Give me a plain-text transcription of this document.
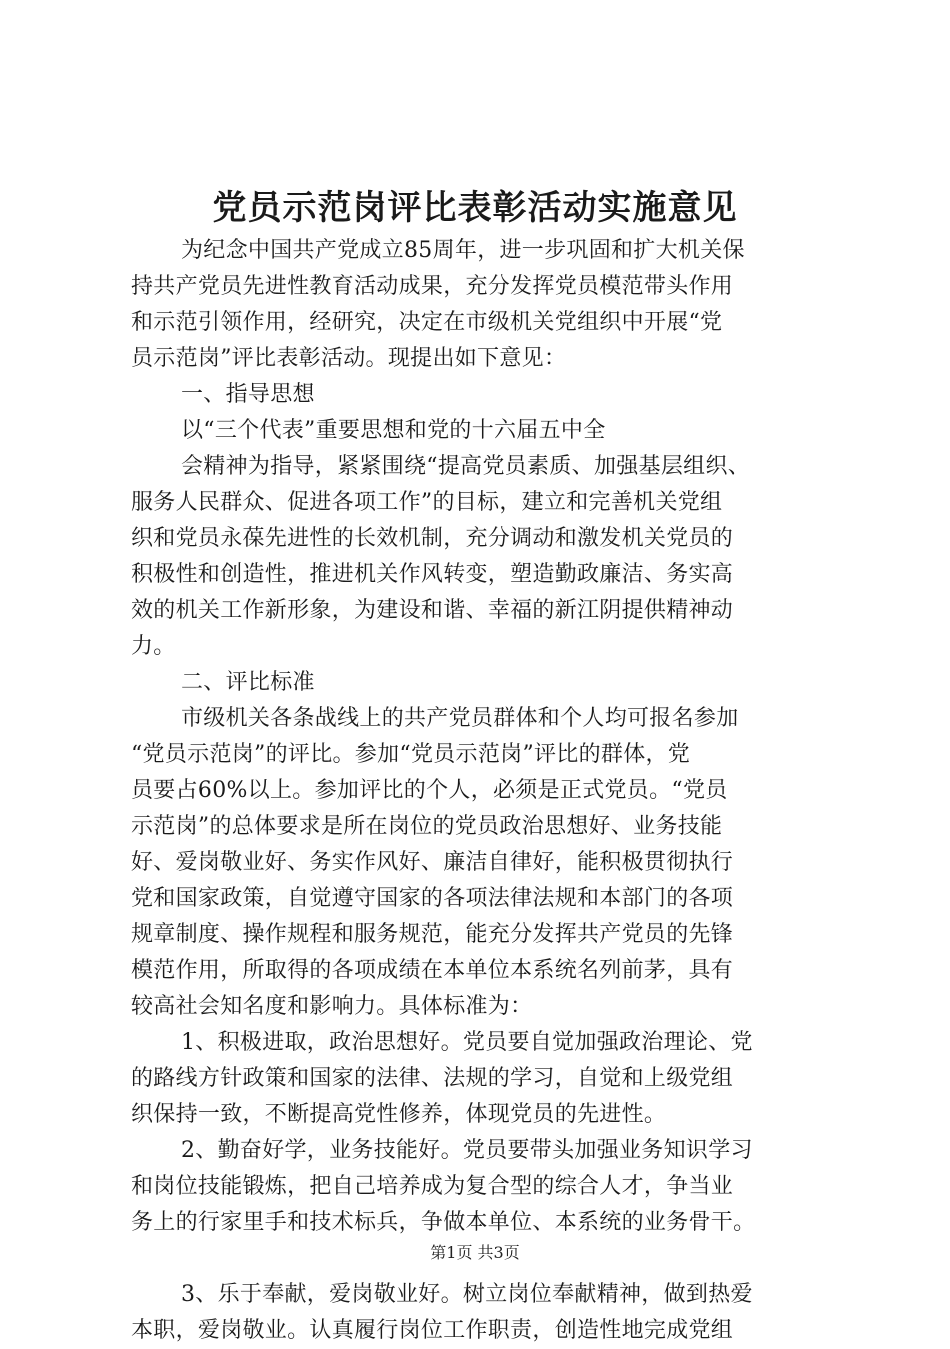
党员示范岗评比表彰活动实施意见
为纪念中国共产党成立85周年，进一步巩固和扩大机关保
持共产党员先进性教育活动成果，充分发挥党员模范带头作用
和示范引领作用，经研究，决定在市级机关党组织中开展“党
员示范岗”评比表彰活动。现提出如下意见：
一、指导思想
以“三个代表”重要思想和党的十六届五中全
会精神为指导，紧紧围绕“提高党员素质、加强基层组织、
服务人民群众、促进各项工作”的目标，建立和完善机关党组
织和党员永葆先进性的长效机制，充分调动和激发机关党员的
积极性和创造性，推进机关作风转变，塑造勤政廉洁、务实高
效的机关工作新形象，为建设和谐、幸福的新江阴提供精神动
力。
二、评比标准
市级机关各条战线上的共产党员群体和个人均可报名参加
“党员示范岗”的评比。参加“党员示范岗”评比的群体，党
员要占60%以上。参加评比的个人，必须是正式党员。“党员
示范岗”的总体要求是所在岗位的党员政治思想好、业务技能
好、爱岗敬业好、务实作风好、廉洁自律好，能积极贯彻执行
党和国家政策，自觉遵守国家的各项法律法规和本部门的各项
规章制度、操作规程和服务规范，能充分发挥共产党员的先锋
模范作用，所取得的各项成绩在本单位本系统名列前茅，具有
较高社会知名度和影响力。具体标准为：
1、积极进取，政治思想好。党员要自觉加强政治理论、党
的路线方针政策和国家的法律、法规的学习，自觉和上级党组
织保持一致，不断提高党性修养，体现党员的先进性。
2、勤奋好学，业务技能好。党员要带头加强业务知识学习
和岗位技能锻炼，把自己培养成为复合型的综合人才，争当业
务上的行家里手和技术标兵，争做本单位、本系统的业务骨干。
3、乐于奉献，爱岗敬业好。树立岗位奉献精神，做到热爱
本职，爱岗敬业。认真履行岗位工作职责，创造性地完成党组
第1页 共3页
